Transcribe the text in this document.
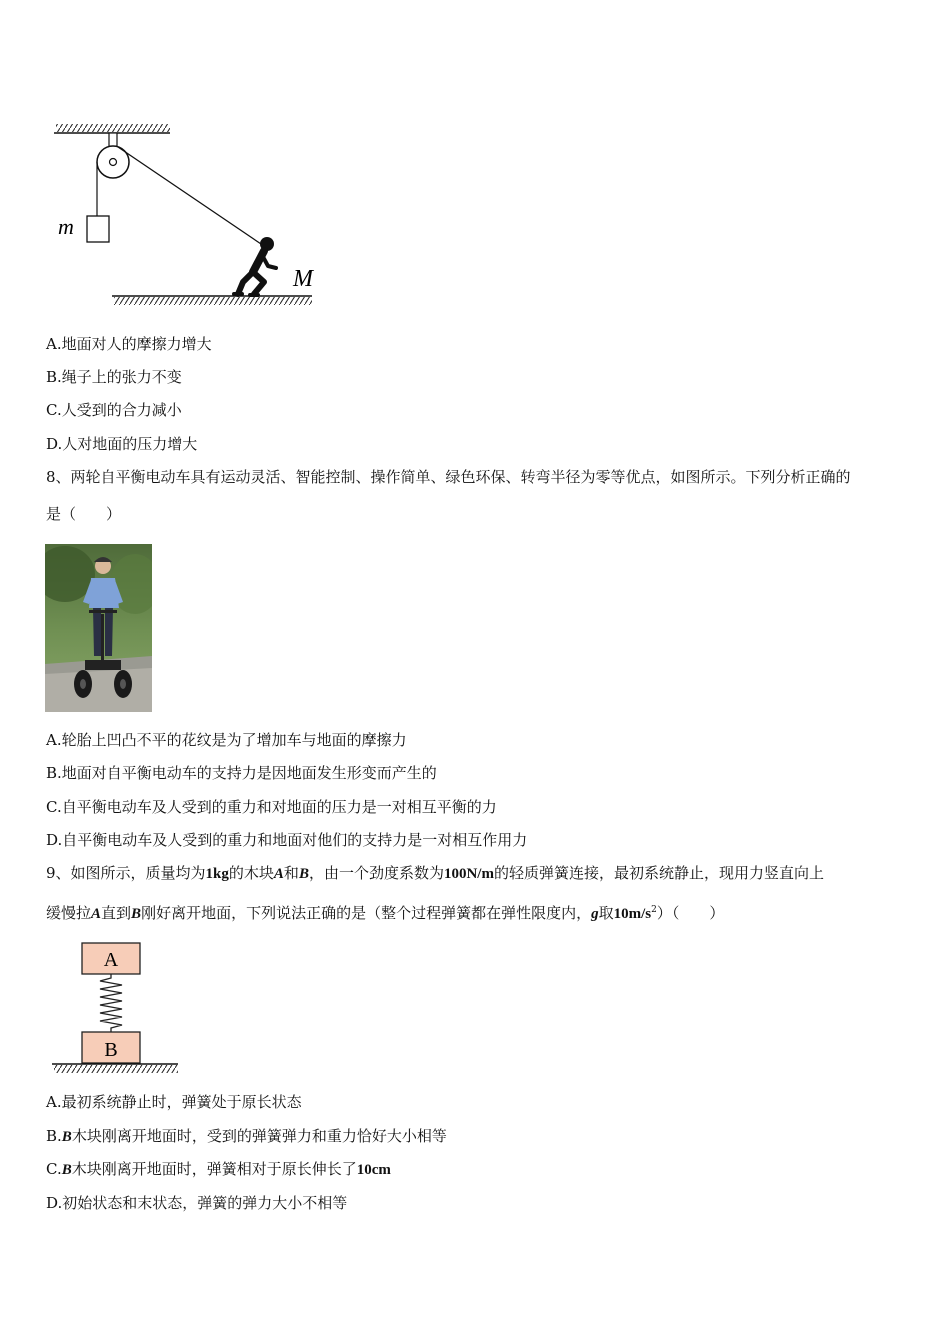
m
M
A.地面对人的摩擦力增大
B.绳子上的张力不变
C.人受到的合力减小
D.人对地面的压力增大
8、两轮自平衡电动车具有运动灵活、智能控制、操作简单、绿色环保、转弯半径为零等优点，如图所示。下列分析正确的
是（　　）
A.轮胎上凹凸不平的花纹是为了增加车与地面的摩擦力
B.地面对自平衡电动车的支持力是因地面发生形变而产生的
C.自平衡电动车及人受到的重力和对地面的压力是一对相互平衡的力
D.自平衡电动车及人受到的重力和地面对他们的支持力是一对相互作用力
9、如图所示，质量均为1kg的木块A和B，由一个劲度系数为100N/m的轻质弹簧连接，最初系统静止，现用力竖直向上
缓慢拉A直到B刚好离开地面，下列说法正确的是（整个过程弹簧都在弹性限度内，g取$10m/s^2$）（　　）
A
B
A.最初系统静止时，弹簧处于原长状态
B.B木块刚离开地面时，受到的弹簧弹力和重力恰好大小相等
C.B木块刚离开地面时，弹簧相对于原长伸长了10cm
D.初始状态和末状态，弹簧的弹力大小不相等
